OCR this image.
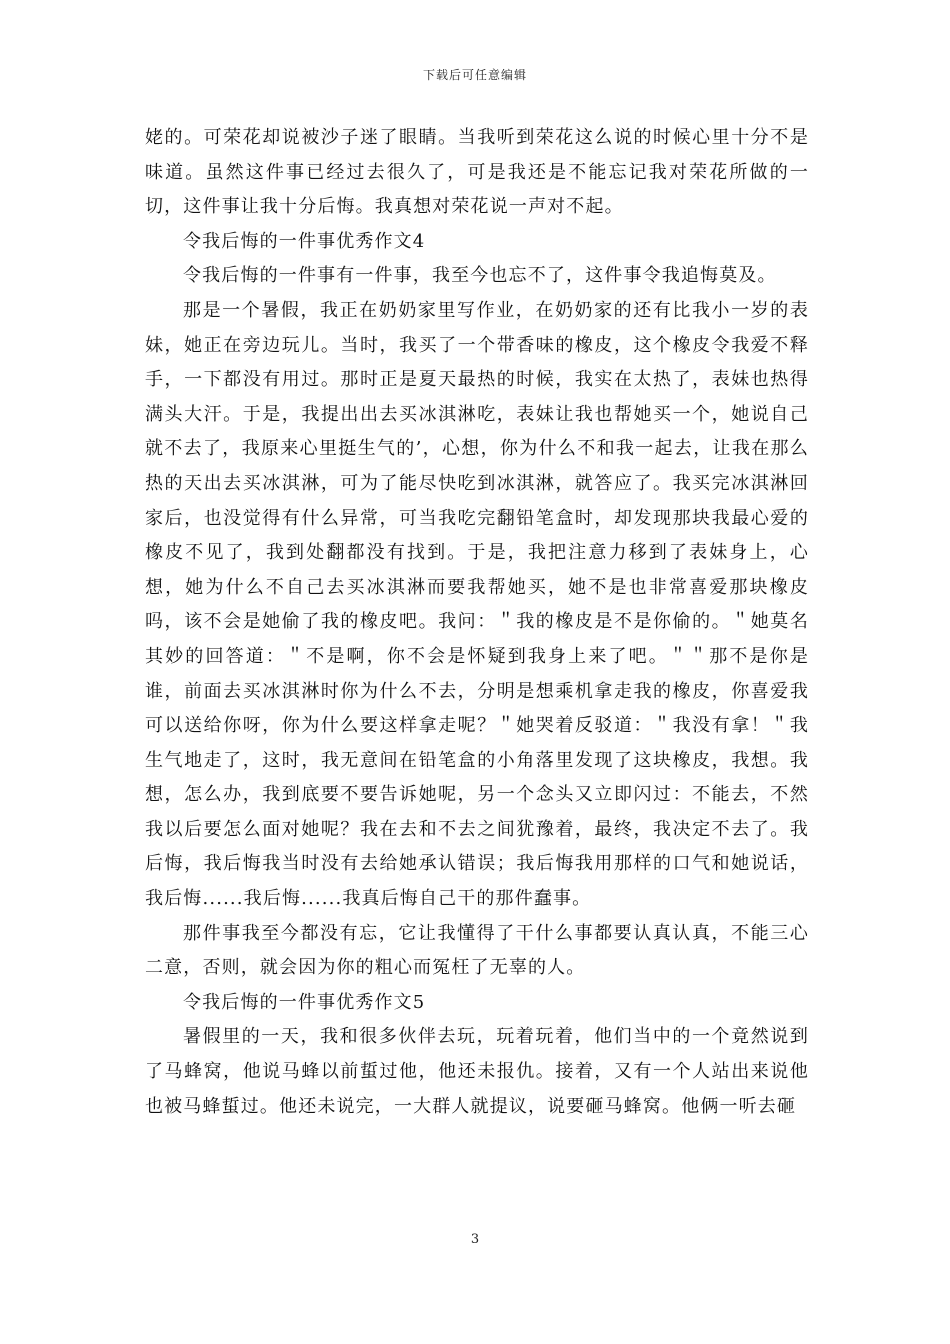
下载后可任意编辑

姥的。可荣花却说被沙子迷了眼睛。当我听到荣花这么说的时候心里十分不是味道。虽然这件事已经过去很久了，可是我还是不能忘记我对荣花所做的一切，这件事让我十分后悔。我真想对荣花说一声对不起。

令我后悔的一件事优秀作文4

令我后悔的一件事有一件事，我至今也忘不了，这件事令我追悔莫及。

那是一个暑假，我正在奶奶家里写作业，在奶奶家的还有比我小一岁的表妹，她正在旁边玩儿。当时，我买了一个带香味的橡皮，这个橡皮令我爱不释手，一下都没有用过。那时正是夏天最热的时候，我实在太热了，表妹也热得满头大汗。于是，我提出出去买冰淇淋吃，表妹让我也帮她买一个，她说自己就不去了，我原来心里挺生气的’，心想，你为什么不和我一起去，让我在那么热的天出去买冰淇淋，可为了能尽快吃到冰淇淋，就答应了。我买完冰淇淋回家后，也没觉得有什么异常，可当我吃完翻铅笔盒时，却发现那块我最心爱的橡皮不见了，我到处翻都没有找到。于是，我把注意力移到了表妹身上，心想，她为什么不自己去买冰淇淋而要我帮她买，她不是也非常喜爱那块橡皮吗，该不会是她偷了我的橡皮吧。我问：＂我的橡皮是不是你偷的。＂她莫名其妙的回答道：＂不是啊，你不会是怀疑到我身上来了吧。＂＂那不是你是谁，前面去买冰淇淋时你为什么不去，分明是想乘机拿走我的橡皮，你喜爱我可以送给你呀，你为什么要这样拿走呢？＂她哭着反驳道：＂我没有拿！＂我生气地走了，这时，我无意间在铅笔盒的小角落里发现了这块橡皮，我想。我想，怎么办，我到底要不要告诉她呢，另一个念头又立即闪过：不能去，不然我以后要怎么面对她呢？我在去和不去之间犹豫着，最终，我决定不去了。我后悔，我后悔我当时没有去给她承认错误；我后悔我用那样的口气和她说话，我后悔......我后悔......我真后悔自己干的那件蠢事。

那件事我至今都没有忘，它让我懂得了干什么事都要认真认真，不能三心二意，否则，就会因为你的粗心而冤枉了无辜的人。

令我后悔的一件事优秀作文5

暑假里的一天，我和很多伙伴去玩，玩着玩着，他们当中的一个竟然说到了马蜂窝，他说马蜂以前蜇过他，他还未报仇。接着，又有一个人站出来说他也被马蜂蜇过。他还未说完，一大群人就提议，说要砸马蜂窝。他俩一听去砸

3
